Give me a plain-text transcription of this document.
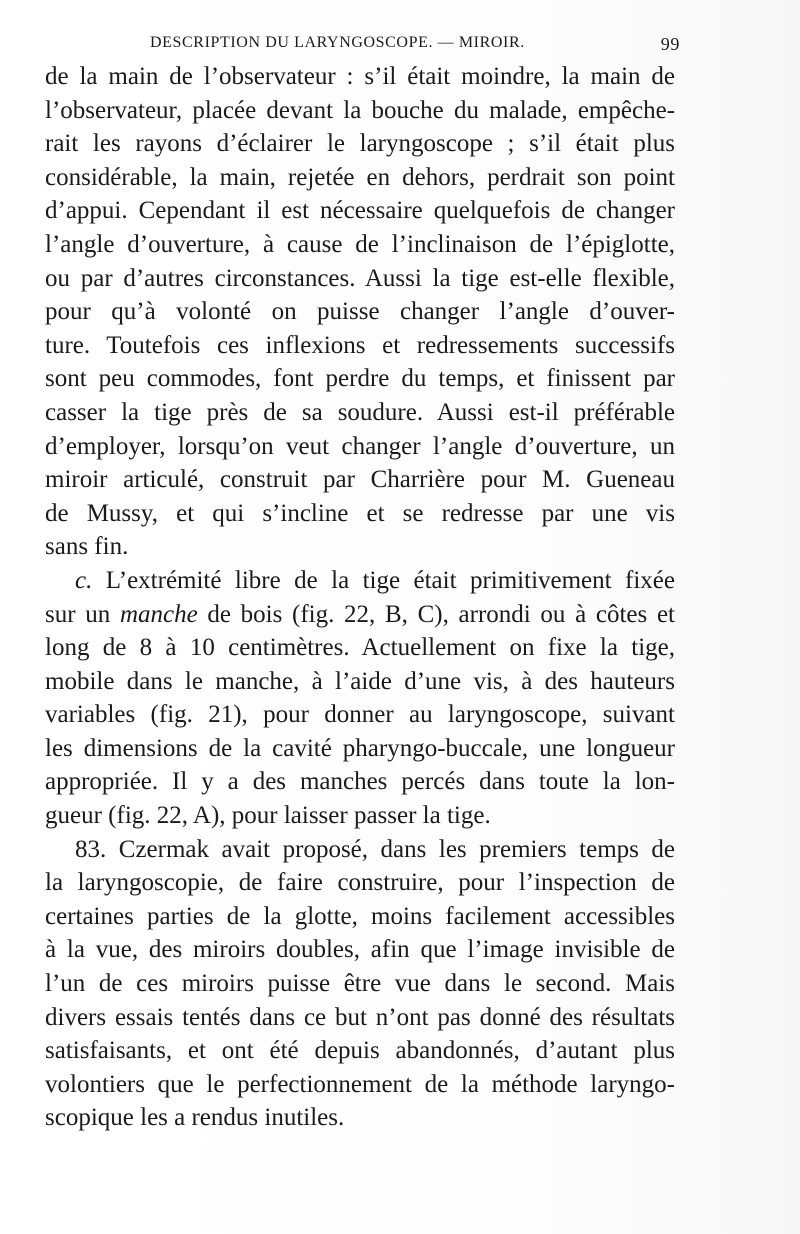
DESCRIPTION DU LARYNGOSCOPE. — MIROIR.	99
de la main de l’observateur : s’il était moindre, la main de
l’observateur, placée devant la bouche du malade, empêche-
rait les rayons d’éclairer le laryngoscope ; s’il était plus
considérable, la main, rejetée en dehors, perdrait son point
d’appui. Cependant il est nécessaire quelquefois de changer
l’angle d’ouverture, à cause de l’inclinaison de l’épiglotte,
ou par d’autres circonstances. Aussi la tige est-elle flexible,
pour qu’à volonté on puisse changer l’angle d’ouver-
ture. Toutefois ces inflexions et redressements successifs
sont peu commodes, font perdre du temps, et finissent par
casser la tige près de sa soudure. Aussi est-il préférable
d’employer, lorsqu’on veut changer l’angle d’ouverture, un
miroir articulé, construit par Charrière pour M. Gueneau
de Mussy, et qui s’incline et se redresse par une vis
sans fin.
c. L’extrémité libre de la tige était primitivement fixée
sur un manche de bois (fig. 22, B, C), arrondi ou à côtes et
long de 8 à 10 centimètres. Actuellement on fixe la tige,
mobile dans le manche, à l’aide d’une vis, à des hauteurs
variables (fig. 21), pour donner au laryngoscope, suivant
les dimensions de la cavité pharyngo-buccale, une longueur
appropriée. Il y a des manches percés dans toute la lon-
gueur (fig. 22, A), pour laisser passer la tige.
83. Czermak avait proposé, dans les premiers temps de
la laryngoscopie, de faire construire, pour l’inspection de
certaines parties de la glotte, moins facilement accessibles
à la vue, des miroirs doubles, afin que l’image invisible de
l’un de ces miroirs puisse être vue dans le second. Mais
divers essais tentés dans ce but n’ont pas donné des résultats
satisfaisants, et ont été depuis abandonnés, d’autant plus
volontiers que le perfectionnement de la méthode laryngo-
scopique les a rendus inutiles.
